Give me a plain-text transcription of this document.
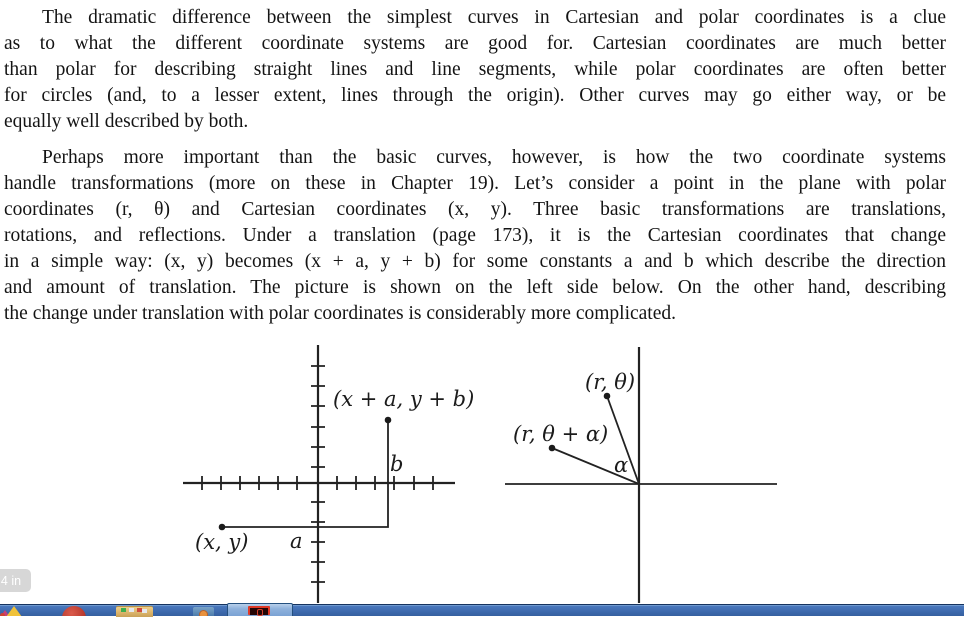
The dramatic difference between the simplest curves in Cartesian and polar coordinates is a clue
as to what the different coordinate systems are good for. Cartesian coordinates are much better
than polar for describing straight lines and line segments, while polar coordinates are often better
for circles (and, to a lesser extent, lines through the origin). Other curves may go either way, or be
equally well described by both.
Perhaps more important than the basic curves, however, is how the two coordinate systems
handle transformations (more on these in Chapter 19). Let’s consider a point in the plane with polar
coordinates (r, θ) and Cartesian coordinates (x, y). Three basic transformations are translations,
rotations, and reflections. Under a translation (page 173), it is the Cartesian coordinates that change
in a simple way: (x, y) becomes (x + a, y + b) for some constants a and b which describe the direction
and amount of translation. The picture is shown on the left side below. On the other hand, describing
the change under translation with polar coordinates is considerably more complicated.
(x + a, y + b)
b
a
(x, y)
(r, θ)
(r, θ + α)
α
4 in
